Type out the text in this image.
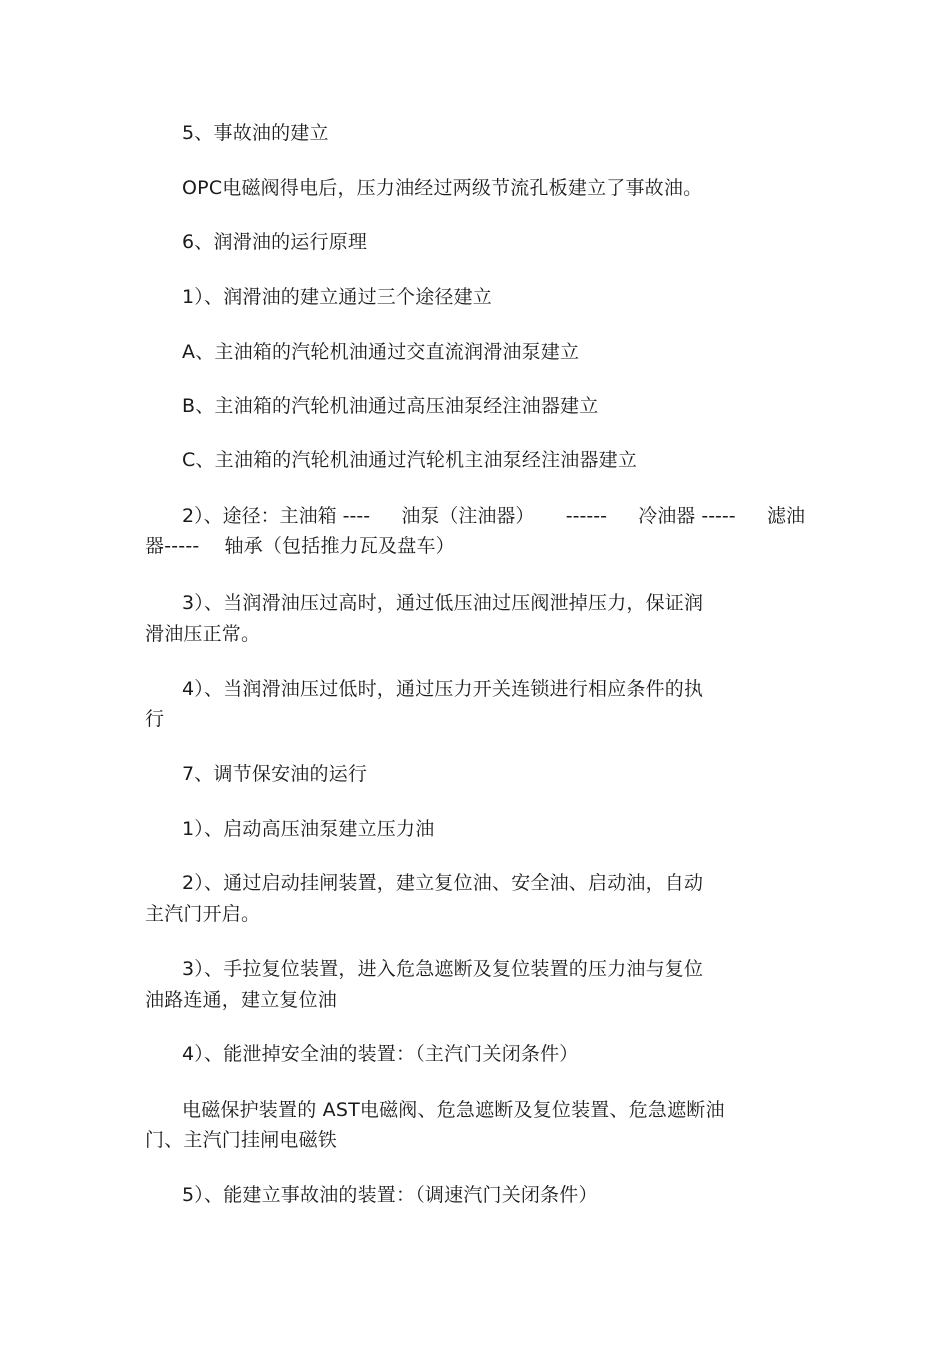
5、事故油的建立
OPC电磁阀得电后，压力油经过两级节流孔板建立了事故油。
6、润滑油的运行原理
1）、润滑油的建立通过三个途径建立
A、主油箱的汽轮机油通过交直流润滑油泵建立
B、主油箱的汽轮机油通过高压油泵经注油器建立
C、主油箱的汽轮机油通过汽轮机主油泵经注油器建立
2）、途径：主油箱 ---- 油泵（注油器） ------ 冷油器 ----- 滤油
器-----    轴承（包括推力瓦及盘车）
3）、当润滑油压过高时，通过低压油过压阀泄掉压力，保证润
滑油压正常。
4）、当润滑油压过低时，通过压力开关连锁进行相应条件的执
行
7、调节保安油的运行
1）、启动高压油泵建立压力油
2）、通过启动挂闸装置，建立复位油、安全油、启动油，自动
主汽门开启。
3）、手拉复位装置，进入危急遮断及复位装置的压力油与复位
油路连通，建立复位油
4）、能泄掉安全油的装置：（主汽门关闭条件）
电磁保护装置的 AST电磁阀、危急遮断及复位装置、危急遮断油
门、主汽门挂闸电磁铁
5）、能建立事故油的装置：（调速汽门关闭条件）
